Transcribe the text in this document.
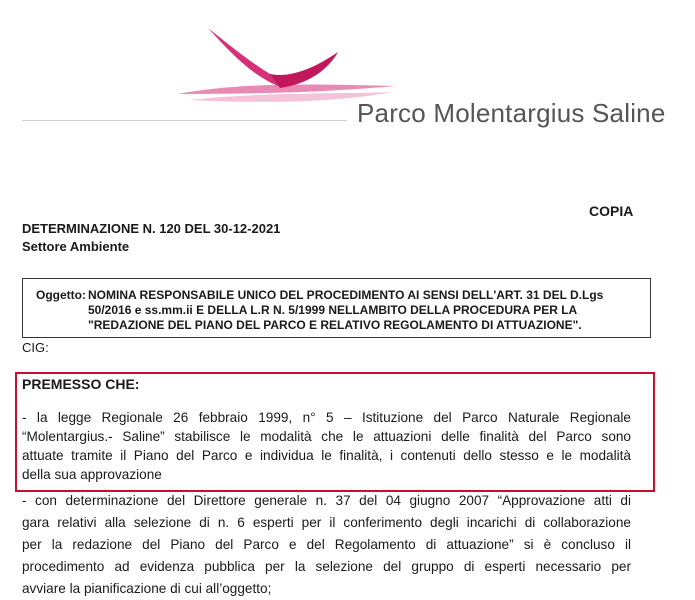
Parco Molentargius Saline
COPIA
DETERMINAZIONE N. 120 DEL 30-12-2021
Settore Ambiente
Oggetto: NOMINA RESPONSABILE UNICO DEL PROCEDIMENTO AI SENSI DELL'ART. 31 DEL D.Lgs
50/2016 e ss.mm.ii E DELLA L.R N. 5/1999 NELLAMBITO DELLA PROCEDURA PER LA
"REDAZIONE DEL PIANO DEL PARCO E RELATIVO REGOLAMENTO DI ATTUAZIONE".
CIG:
PREMESSO CHE:
- la legge Regionale 26 febbraio 1999, n° 5 – Istituzione del Parco Naturale Regionale
“Molentargius.- Saline” stabilisce le modalità che le attuazioni delle finalità del Parco sono
attuate tramite il Piano del Parco e individua le finalità, i contenuti dello stesso e le modalità
della sua approvazione
- con determinazione del Direttore generale n. 37 del 04 giugno 2007 “Approvazione atti di
gara relativi alla selezione di n. 6 esperti per il conferimento degli incarichi di collaborazione
per la redazione del Piano del Parco e del Regolamento di attuazione” si è concluso il
procedimento ad evidenza pubblica per la selezione del gruppo di esperti necessario per
avviare la pianificazione di cui all’oggetto;
